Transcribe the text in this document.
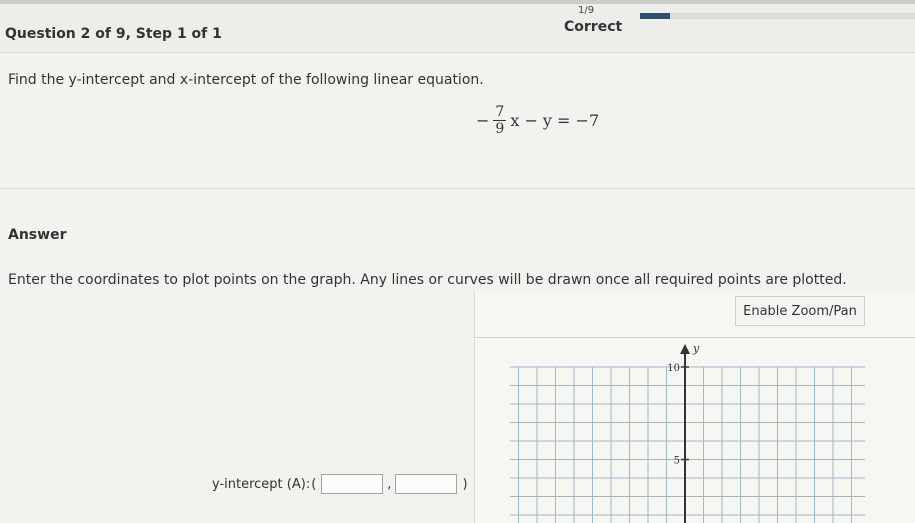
Question 2 of 9, Step 1 of 1
1/9
Correct
Find the y-intercept and x-intercept of the following linear equation.
− $\frac{7}{9}$ x − y = −7
Answer
Enter the coordinates to plot points on the graph. Any lines or curves will be drawn once all required points are plotted.
Enable Zoom/Pan
y
10
5
y-intercept (A): (	,	)
